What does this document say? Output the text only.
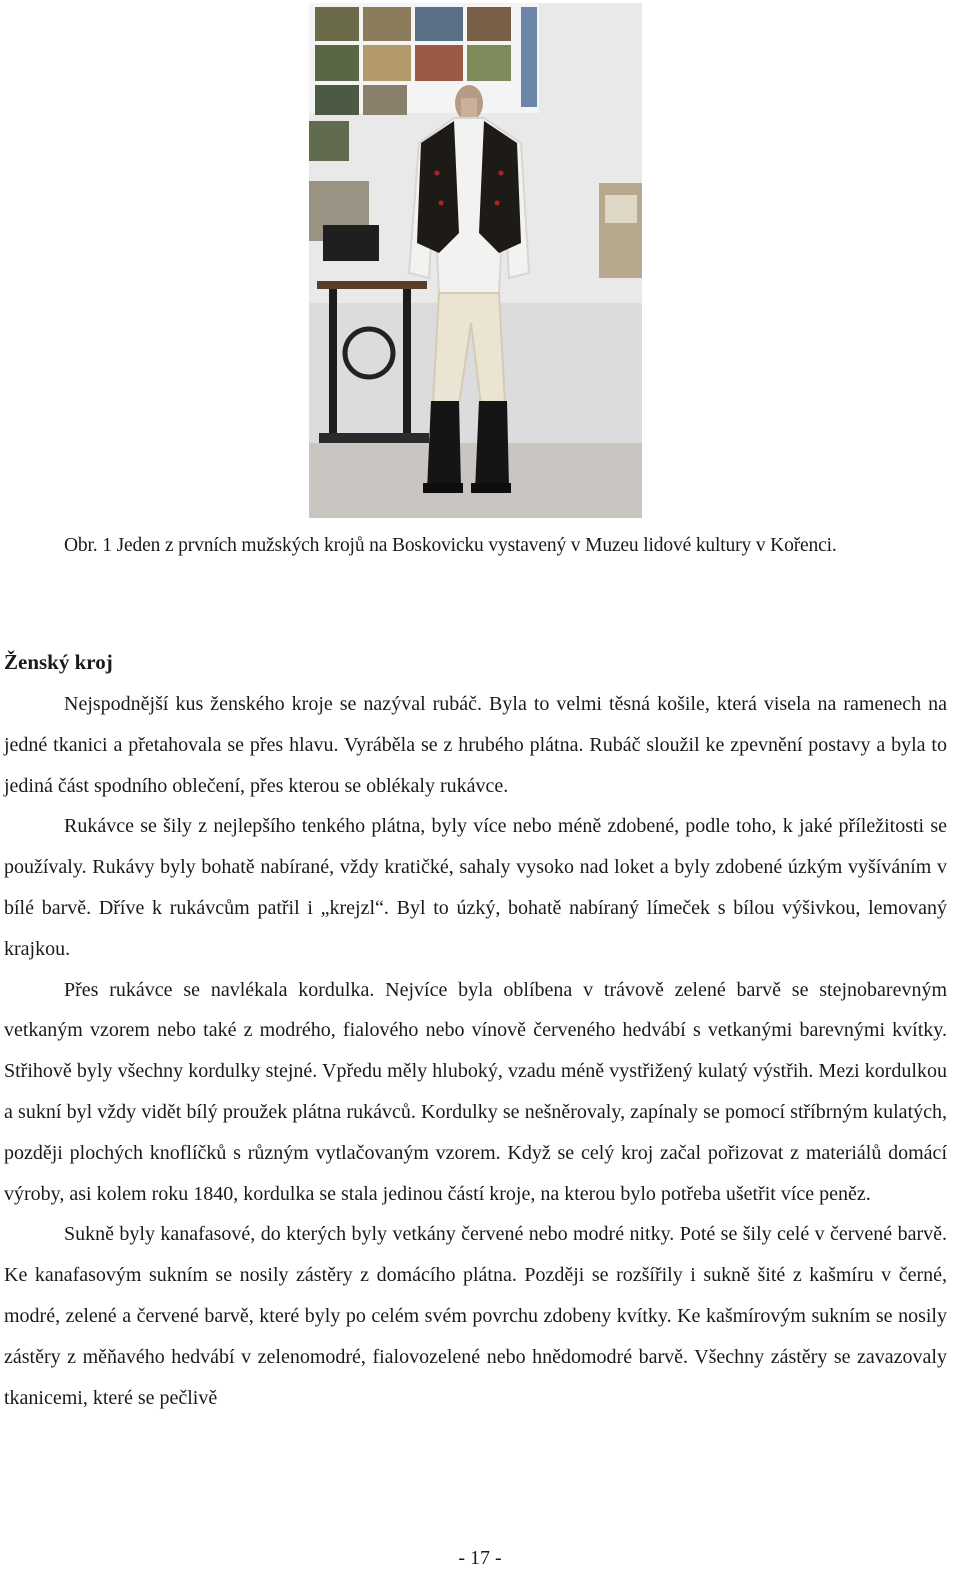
Obr. 1 Jeden z prvních mužských krojů na Boskovicku vystavený v Muzeu lidové kultury v Kořenci.
Ženský kroj

Nejspodnější kus ženského kroje se nazýval rubáč. Byla to velmi těsná košile, která visela na ramenech na jedné tkanici a přetahovala se přes hlavu. Vyráběla se z hrubého plátna. Rubáč sloužil ke zpevnění postavy a byla to jediná část spodního oblečení, přes kterou se oblékaly rukávce.

Rukávce se šily z nejlepšího tenkého plátna, byly více nebo méně zdobené, podle toho, k jaké příležitosti se používaly. Rukávy byly bohatě nabírané, vždy kratičké, sahaly vysoko nad loket a byly zdobené úzkým vyšíváním v bílé barvě. Dříve k rukávcům patřil i „krejzl“. Byl to úzký, bohatě nabíraný límeček s bílou výšivkou, lemovaný krajkou.

Přes rukávce se navlékala kordulka. Nejvíce byla oblíbena v trávově zelené barvě se stejnobarevným vetkaným vzorem nebo také z modrého, fialového nebo vínově červeného hedvábí s vetkanými barevnými kvítky. Střihově byly všechny kordulky stejné. Vpředu měly hluboký, vzadu méně vystřižený kulatý výstřih. Mezi kordulkou a sukní byl vždy vidět bílý proužek plátna rukávců. Kordulky se nešněrovaly, zapínaly se pomocí stříbrným kulatých, později plochých knoflíčků s různým vytlačovaným vzorem. Když se celý kroj začal pořizovat z materiálů domácí výroby, asi kolem roku 1840, kordulka se stala jedinou částí kroje, na kterou bylo potřeba ušetřit více peněz.

Sukně byly kanafasové, do kterých byly vetkány červené nebo modré nitky. Poté se šily celé v červené barvě. Ke kanafasovým sukním se nosily zástěry z domácího plátna. Později se rozšířily i sukně šité z kašmíru v černé, modré, zelené a červené barvě, které byly po celém svém povrchu zdobeny kvítky. Ke kašmírovým sukním se nosily zástěry z měňavého hedvábí v zelenomodré, fialovozelené nebo hnědomodré barvě. Všechny zástěry se zavazovaly tkanicemi, které se pečlivě

- 17 -
